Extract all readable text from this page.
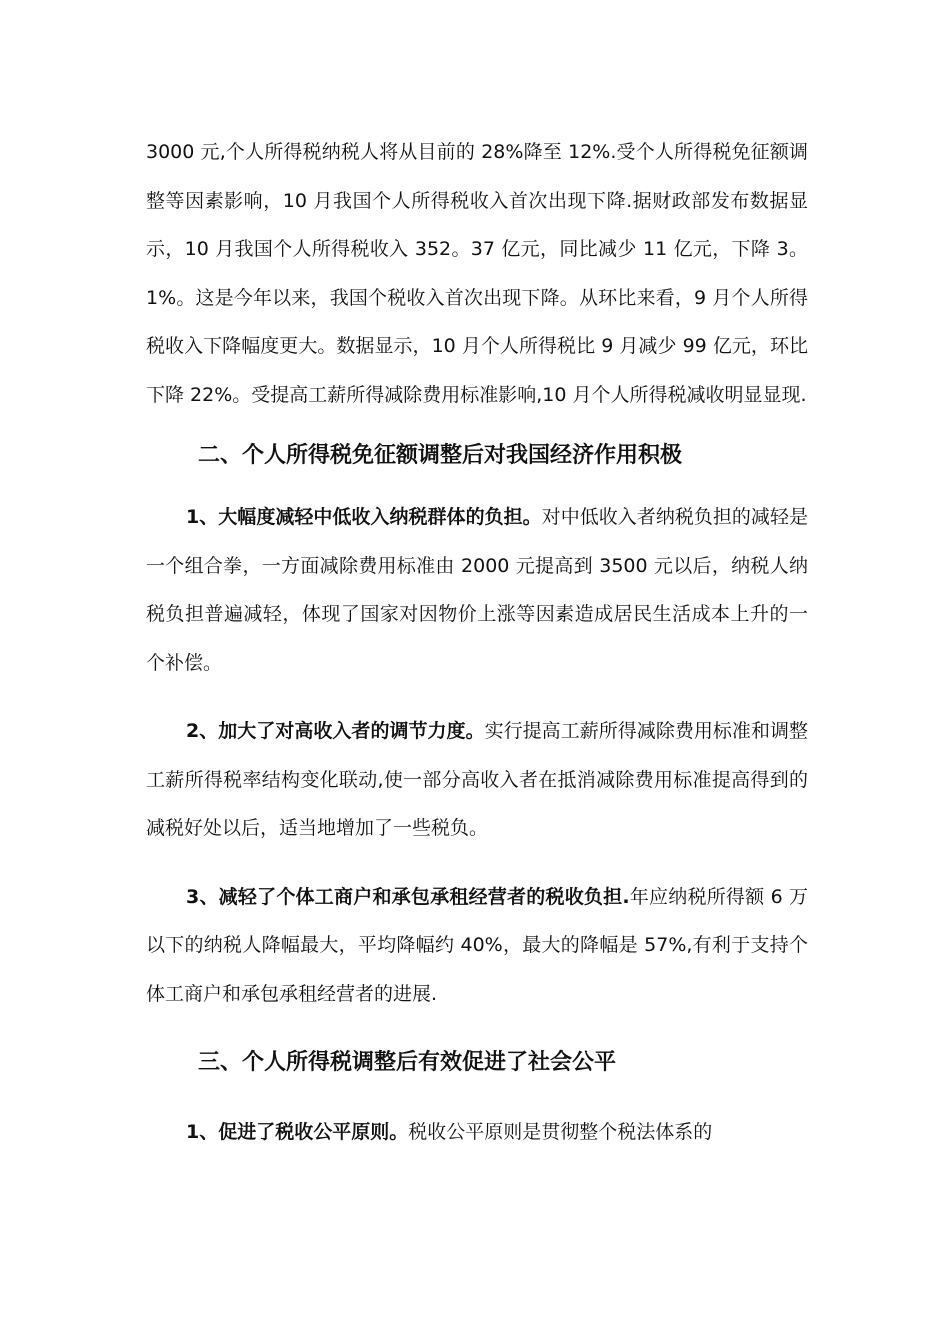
3000 元,个人所得税纳税人将从目前的 28%降至 12%.受个人所得税免征额调整等因素影响，10 月我国个人所得税收入首次出现下降.据财政部发布数据显示，10 月我国个人所得税收入 352。37 亿元，同比减少 11 亿元，下降 3。1%。这是今年以来，我国个税收入首次出现下降。从环比来看，9 月个人所得税收入下降幅度更大。数据显示，10 月个人所得税比 9 月减少 99 亿元，环比下降 22%。受提高工薪所得减除费用标准影响,10 月个人所得税减收明显显现.

二、个人所得税免征额调整后对我国经济作用积极

1、大幅度减轻中低收入纳税群体的负担。对中低收入者纳税负担的减轻是一个组合拳，一方面减除费用标准由 2000 元提高到 3500 元以后，纳税人纳税负担普遍减轻，体现了国家对因物价上涨等因素造成居民生活成本上升的一个补偿。

2、加大了对高收入者的调节力度。实行提高工薪所得减除费用标准和调整工薪所得税率结构变化联动,使一部分高收入者在抵消减除费用标准提高得到的减税好处以后，适当地增加了一些税负。

3、减轻了个体工商户和承包承租经营者的税收负担.年应纳税所得额 6 万以下的纳税人降幅最大，平均降幅约 40%，最大的降幅是 57%,有利于支持个体工商户和承包承租经营者的进展.

三、个人所得税调整后有效促进了社会公平

1、促进了税收公平原则。税收公平原则是贯彻整个税法体系的
